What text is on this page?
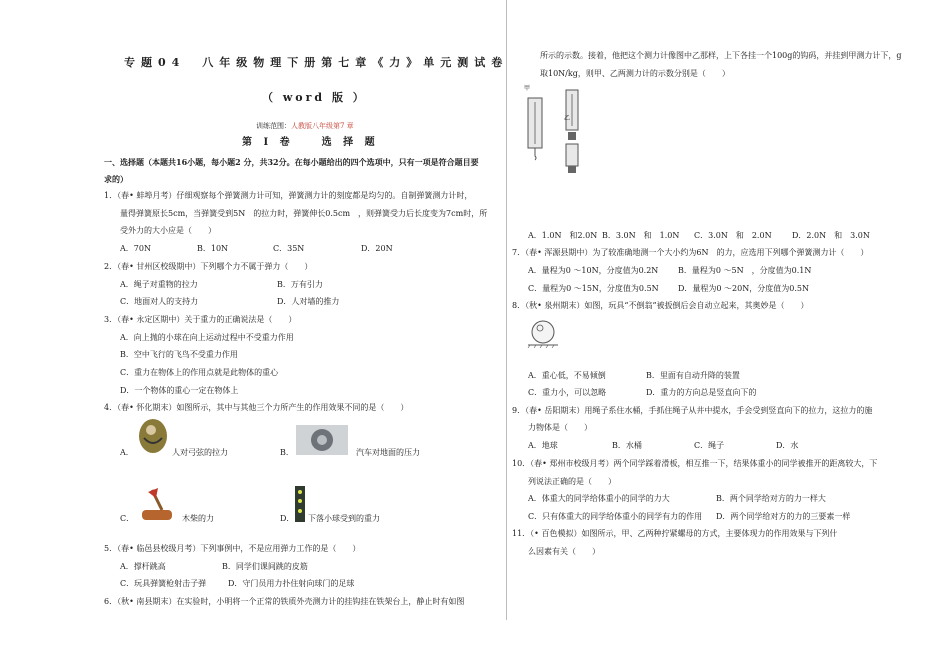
专题04　八年级物理下册第七章《力》单元测试卷
（ word 版 ）
训练范围：人教版八年级第7 章
第 Ⅰ 卷　　选 择 题
一、选择题（本题共16小题，每小题2 分，共32分。在每小题给出的四个选项中，只有一项是符合题目要
求的）
1．（春• 蚌埠月考）仔细观察每个弹簧测力计可知，弹簧测力计的刻度都是均匀的。自制弹簧测力计时，
量得弹簧原长5cm，当弹簧受到5N　的拉力时，弹簧伸长0.5cm　，则弹簧受力后长度变为7cm时，所
受外力的大小应是（　　）
A．70N	B．10N	C．35N	D．20N
2．（春• 甘州区校级期中）下列哪个力不属于弹力（　　）
A．绳子对重物的拉力	B．万有引力
C．地面对人的支持力	D．人对墙的推力
3．（春• 永定区期中）关于重力的正确说法是（　　）
A．向上抛的小球在向上运动过程中不受重力作用
B．空中飞行的飞鸟不受重力作用
C．重力在物体上的作用点就是此物体的重心
D．一个物体的重心一定在物体上
4．（春• 怀化期末）如图所示，其中与其他三个力所产生的作用效果不同的是（　　）
A．	人对弓弦的拉力	B．	汽车对地面的压力
C．	木柴的力	D． 下落小球受到的重力
5．（春• 临邑县校级月考）下列事例中，不是应用弹力工作的是（　　）
A．撑杆跳高	B．同学们课间跳的皮筋
C．玩具弹簧枪射击子弹	D．守门员用力扑住射向球门的足球
6．（秋• 南县期末）在实验时，小明将一个正常的铁质外壳测力计的挂钩挂在铁架台上，静止时有如图
所示的示数。接着，他把这个测力计像图中乙那样，上下各挂一个100g的钩码，并挂到甲测力计下，g
取10N/kg，则甲、乙两测力计的示数分别是（　　）
甲
乙
A．1.0N　和2.0N B．3.0N　和　1.0N C．3.0N　和　2.0N	D．2.0N　和　3.0N
7．（春• 浑源县期中）为了较准确地测一个大小约为6N　的力，应选用下列哪个弹簧测力计（　　）
A．量程为0 ～10N，分度值为0.2N B．量程为0 ～5N　，分度值为0.1N
C．量程为0 ～15N，分度值为0.5N D．量程为0 ～20N，分度值为0.5N
8．（秋• 泉州期末）如图，玩具“不倒翁”被扳倒后会自动立起来，其奥妙是（　　）
A．重心低，不易倾倒	B．里面有自动升降的装置
C．重力小，可以忽略	D．重力的方向总是竖直向下的
9．（春• 岳阳期末）用绳子系住水桶，手抓住绳子从井中提水，手会受到竖直向下的拉力，这拉力的施
力物体是（　　）
A．地球	B．水桶	C．绳子	D．水
10．（春• 郑州市校级月考）两个同学踩着滑板，相互推一下，结果体重小的同学被推开的距离较大，下
列说法正确的是（　　）
A．体重大的同学给体重小的同学的力大	B．两个同学给对方的力一样大
C．只有体重大的同学给体重小的同学有力的作用 D．两个同学给对方的力的三要素一样
11．（• 百色模拟）如图所示，甲、乙两种拧紧螺母的方式，主要体现力的作用效果与下列什
么因素有关（　　）
